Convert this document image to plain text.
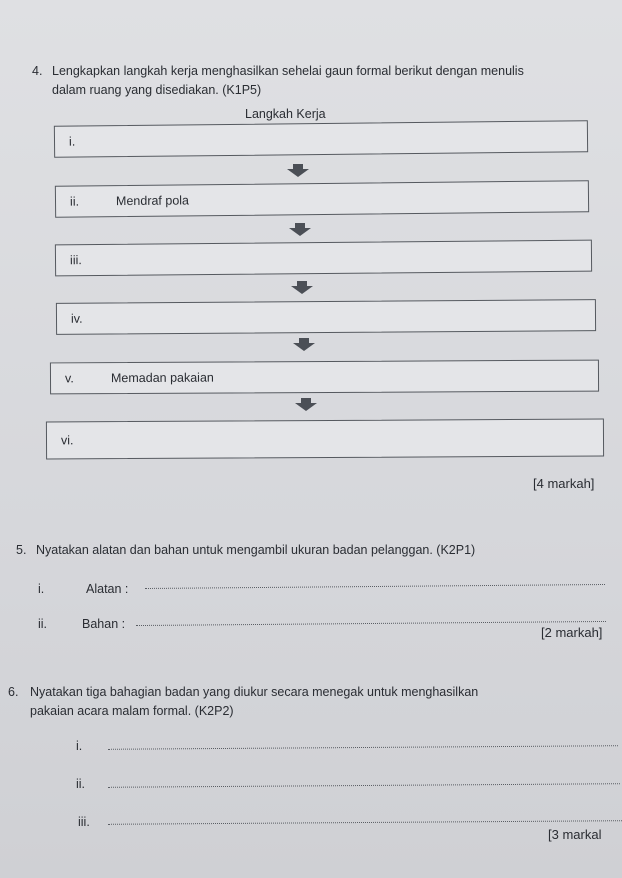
4. Lengkapkan langkah kerja menghasilkan sehelai gaun formal berikut dengan menulis
dalam ruang yang disediakan. (K1P5)
Langkah Kerja
i.
ii.	Mendraf pola
iii.
iv.
v.	Memadan pakaian
vi.
[4 markah]
5. Nyatakan alatan dan bahan untuk mengambil ukuran badan pelanggan. (K2P1)
i.	Alatan :
ii.	Bahan :
[2 markah]
6. Nyatakan tiga bahagian badan yang diukur secara menegak untuk menghasilkan
pakaian acara malam formal. (K2P2)
i.
ii.
iii.
[3 markal
